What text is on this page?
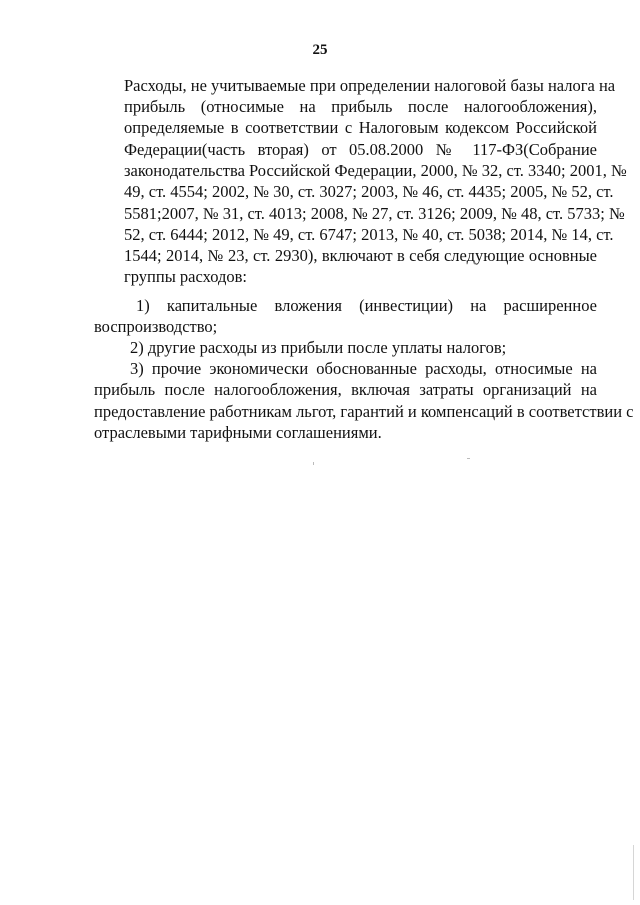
25
Расходы, не учитываемые при определении налоговой базы налога на
прибыль (относимые на прибыль после налогообложения),
определяемые в соответствии с Налоговым кодексом Российской
Федерации(часть вторая) от 05.08.2000 № 117-ФЗ(Собрание
законодательства Российской Федерации, 2000, № 32, ст. 3340; 2001, №
49, ст. 4554; 2002, № 30, ст. 3027; 2003, № 46, ст. 4435; 2005, № 52, ст.
5581;2007, № 31, ст. 4013; 2008, № 27, ст. 3126; 2009, № 48, ст. 5733; №
52, ст. 6444; 2012, № 49, ст. 6747; 2013, № 40, ст. 5038; 2014, № 14, ст.
1544; 2014, № 23, ст. 2930), включают в себя следующие основные
группы расходов:
1) капитальные вложения (инвестиции) на расширенное
воспроизводство;
2) другие расходы из прибыли после уплаты налогов;
3) прочие экономически обоснованные расходы, относимые на
прибыль после налогообложения, включая затраты организаций на
предоставление работникам льгот, гарантий и компенсаций в соответствии с
отраслевыми тарифными соглашениями.
